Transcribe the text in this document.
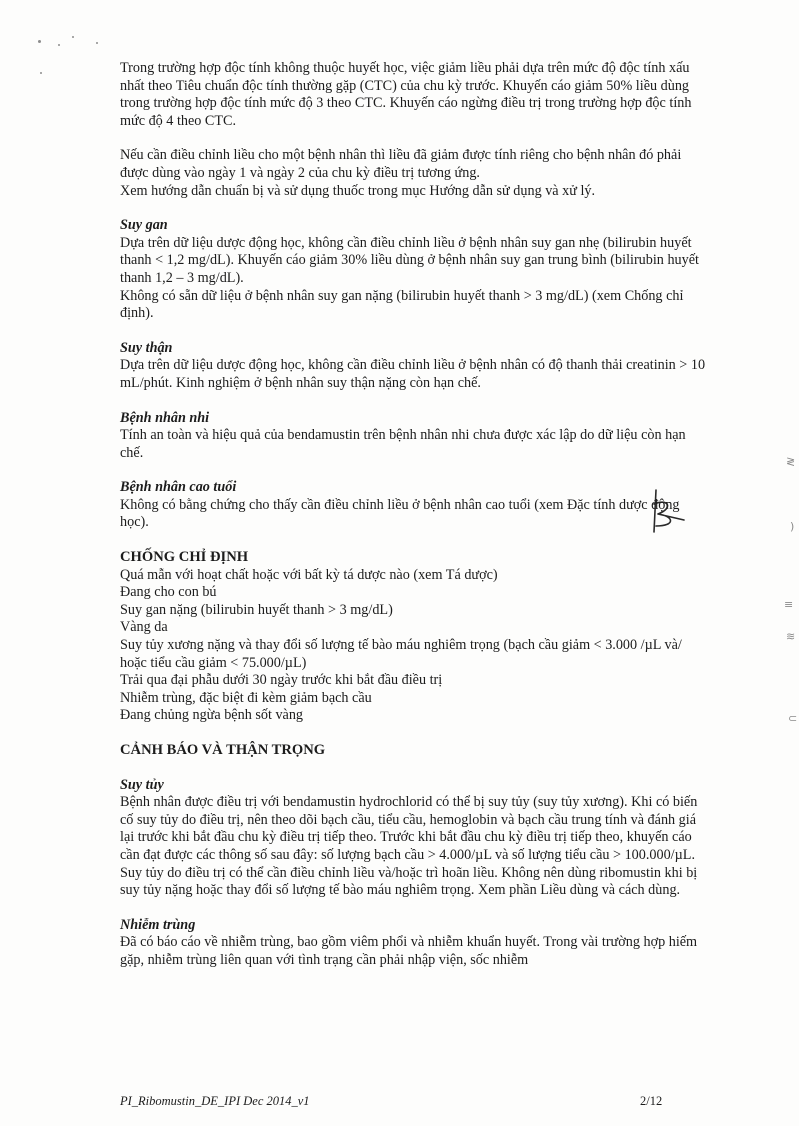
≷
)
≡
≋
⊂

Trong trường hợp độc tính không thuộc huyết học, việc giảm liều phải dựa trên mức độ độc tính xấu nhất theo Tiêu chuẩn độc tính thường gặp (CTC) của chu kỳ trước. Khuyến cáo giảm 50% liều dùng trong trường hợp độc tính mức độ 3 theo CTC. Khuyến cáo ngừng điều trị trong trường hợp độc tính mức độ 4 theo CTC.

Nếu cần điều chỉnh liều cho một bệnh nhân thì liều đã giảm được tính riêng cho bệnh nhân đó phải được dùng vào ngày 1 và ngày 2 của chu kỳ điều trị tương ứng.

Xem hướng dẫn chuẩn bị và sử dụng thuốc trong mục Hướng dẫn sử dụng và xử lý.

Suy gan

Dựa trên dữ liệu dược động học, không cần điều chỉnh liều ở bệnh nhân suy gan nhẹ (bilirubin huyết thanh < 1,2 mg/dL). Khuyến cáo giảm 30% liều dùng ở bệnh nhân suy gan trung bình (bilirubin huyết thanh 1,2 – 3 mg/dL).

Không có sẵn dữ liệu ở bệnh nhân suy gan nặng (bilirubin huyết thanh > 3 mg/dL) (xem Chống chỉ định).

Suy thận

Dựa trên dữ liệu dược động học, không cần điều chỉnh liều ở bệnh nhân có độ thanh thải creatinin > 10 mL/phút. Kinh nghiệm ở bệnh nhân suy thận nặng còn hạn chế.

Bệnh nhân nhi

Tính an toàn và hiệu quả của bendamustin trên bệnh nhân nhi chưa được xác lập do dữ liệu còn hạn chế.

Bệnh nhân cao tuổi

Không có bằng chứng cho thấy cần điều chỉnh liều ở bệnh nhân cao tuổi (xem Đặc tính dược động học).

CHỐNG CHỈ ĐỊNH

Quá mẫn với hoạt chất hoặc với bất kỳ tá dược nào (xem Tá dược)

Đang cho con bú

Suy gan nặng (bilirubin huyết thanh > 3 mg/dL)

Vàng da

Suy tủy xương nặng và thay đổi số lượng tế bào máu nghiêm trọng (bạch cầu giảm < 3.000 /µL và/ hoặc tiểu cầu giảm < 75.000/µL)

Trải qua đại phẫu dưới 30 ngày trước khi bắt đầu điều trị

Nhiễm trùng, đặc biệt đi kèm giảm bạch cầu

Đang chủng ngừa bệnh sốt vàng

CẢNH BÁO VÀ THẬN TRỌNG

Suy tủy

Bệnh nhân được điều trị với bendamustin hydrochlorid có thể bị suy tủy (suy tủy xương). Khi có biến cố suy tủy do điều trị, nên theo dõi bạch cầu, tiểu cầu, hemoglobin và bạch cầu trung tính và đánh giá lại trước khi bắt đầu chu kỳ điều trị tiếp theo. Trước khi bắt đầu chu kỳ điều trị tiếp theo, khuyến cáo cần đạt được các thông số sau đây: số lượng bạch cầu > 4.000/µL và số lượng tiểu cầu > 100.000/µL.

Suy tủy do điều trị có thể cần điều chỉnh liều và/hoặc trì hoãn liều. Không nên dùng ribomustin khi bị suy tủy nặng hoặc thay đổi số lượng tế bào máu nghiêm trọng. Xem phần Liều dùng và cách dùng.

Nhiễm trùng

Đã có báo cáo về nhiễm trùng, bao gồm viêm phổi và nhiễm khuẩn huyết. Trong vài trường hợp hiếm gặp, nhiễm trùng liên quan với tình trạng cần phải nhập viện, sốc nhiễm

PI_Ribomustin_DE_IPI Dec 2014_v1	2/12
